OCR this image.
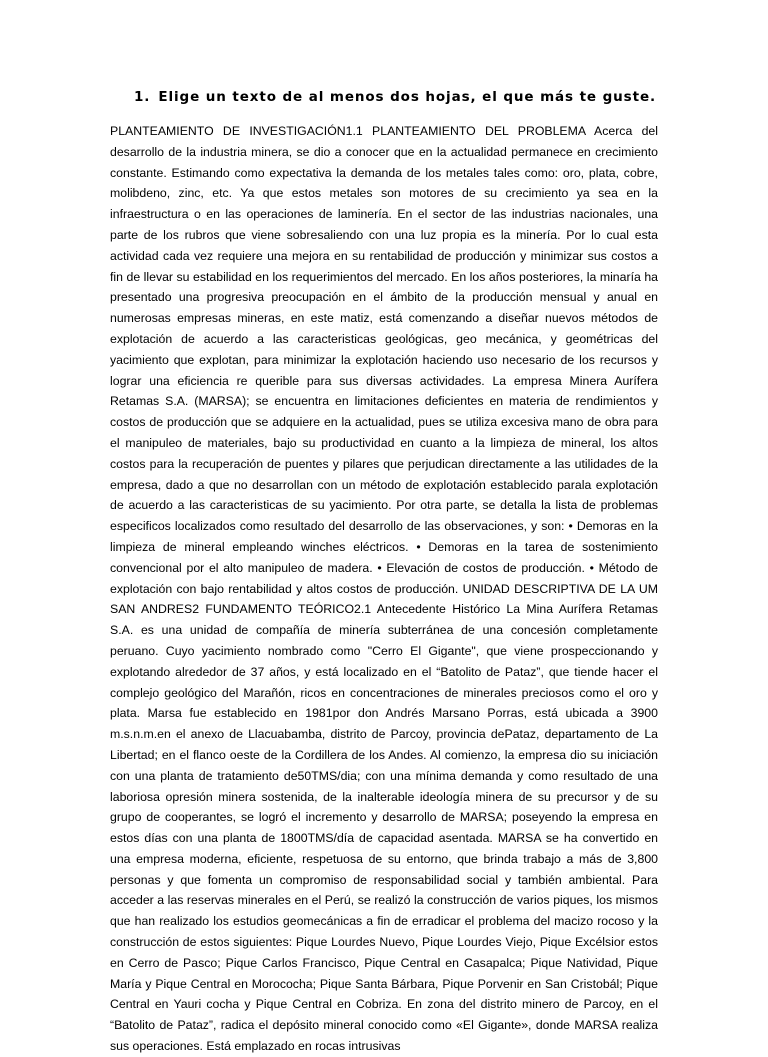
1. Elige un texto de al menos dos hojas, el que más te guste.
PLANTEAMIENTO DE INVESTIGACIÓN1.1 PLANTEAMIENTO DEL PROBLEMA Acerca del desarrollo de la industria minera, se dio a conocer que en la actualidad permanece en crecimiento constante. Estimando como expectativa la demanda de los metales tales como: oro, plata, cobre, molibdeno, zinc, etc. Ya que estos metales son motores de su crecimiento ya sea en la infraestructura o en las operaciones de laminería. En el sector de las industrias nacionales, una parte de los rubros que viene sobresaliendo con una luz propia es la minería. Por lo cual esta actividad cada vez requiere una mejora en su rentabilidad de producción y minimizar sus costos a fin de llevar su estabilidad en los requerimientos del mercado. En los años posteriores, la minaría ha presentado una progresiva preocupación en el ámbito de la producción mensual y anual en numerosas empresas mineras, en este matiz, está comenzando a diseñar nuevos métodos de explotación de acuerdo a las caracteristicas geológicas, geo mecánica, y geométricas del yacimiento que explotan, para minimizar la explotación haciendo uso necesario de los recursos y lograr una eficiencia re querible para sus diversas actividades. La empresa Minera Aurífera Retamas S.A. (MARSA); se encuentra en limitaciones deficientes en materia de rendimientos y costos de producción que se adquiere en la actualidad, pues se utiliza excesiva mano de obra para el manipuleo de materiales, bajo su productividad en cuanto a la limpieza de mineral, los altos costos para la recuperación de puentes y pilares que perjudican directamente a las utilidades de la empresa, dado a que no desarrollan con un método de explotación establecido parala explotación de acuerdo a las caracteristicas de su yacimiento. Por otra parte, se detalla la lista de problemas especificos localizados como resultado del desarrollo de las observaciones, y son: • Demoras en la limpieza de mineral empleando winches eléctricos. • Demoras en la tarea de sostenimiento convencional por el alto manipuleo de madera. • Elevación de costos de producción. • Método de explotación con bajo rentabilidad y altos costos de producción. UNIDAD DESCRIPTIVA DE LA UM SAN ANDRES2 FUNDAMENTO TEÓRICO2.1 Antecedente Histórico La Mina Aurífera Retamas S.A. es una unidad de compañía de minería subterránea de una concesión completamente peruano. Cuyo yacimiento nombrado como "Cerro El Gigante", que viene prospeccionando y explotando alrededor de 37 años, y está localizado en el “Batolito de Pataz”, que tiende hacer el complejo geológico del Marañón, ricos en concentraciones de minerales preciosos como el oro y plata. Marsa fue establecido en 1981por don Andrés Marsano Porras, está ubicada a 3900 m.s.n.m.en el anexo de Llacuabamba, distrito de Parcoy, provincia dePataz, departamento de La Libertad; en el flanco oeste de la Cordillera de los Andes. Al comienzo, la empresa dio su iniciación con una planta de tratamiento de50TMS/dia; con una mínima demanda y como resultado de una laboriosa opresión minera sostenida, de la inalterable ideología minera de su precursor y de su grupo de cooperantes, se logró el incremento y desarrollo de MARSA; poseyendo la empresa en estos días con una planta de 1800TMS/día de capacidad asentada. MARSA se ha convertido en una empresa moderna, eficiente, respetuosa de su entorno, que brinda trabajo a más de 3,800 personas y que fomenta un compromiso de responsabilidad social y también ambiental. Para acceder a las reservas minerales en el Perú, se realizó la construcción de varios piques, los mismos que han realizado los estudios geomecánicas a fin de erradicar el problema del macizo rocoso y la construcción de estos siguientes: Pique Lourdes Nuevo, Pique Lourdes Viejo, Pique Excélsior estos en Cerro de Pasco; Pique Carlos Francisco, Pique Central en Casapalca; Pique Natividad, Pique María y Pique Central en Morococha; Pique Santa Bárbara, Pique Porvenir en San Cristobál; Pique Central en Yauri cocha y Pique Central en Cobriza. En zona del distrito minero de Parcoy, en el “Batolito de Pataz”, radica el depósito mineral conocido como «El Gigante», donde MARSA realiza sus operaciones. Está emplazado en rocas intrusivas
